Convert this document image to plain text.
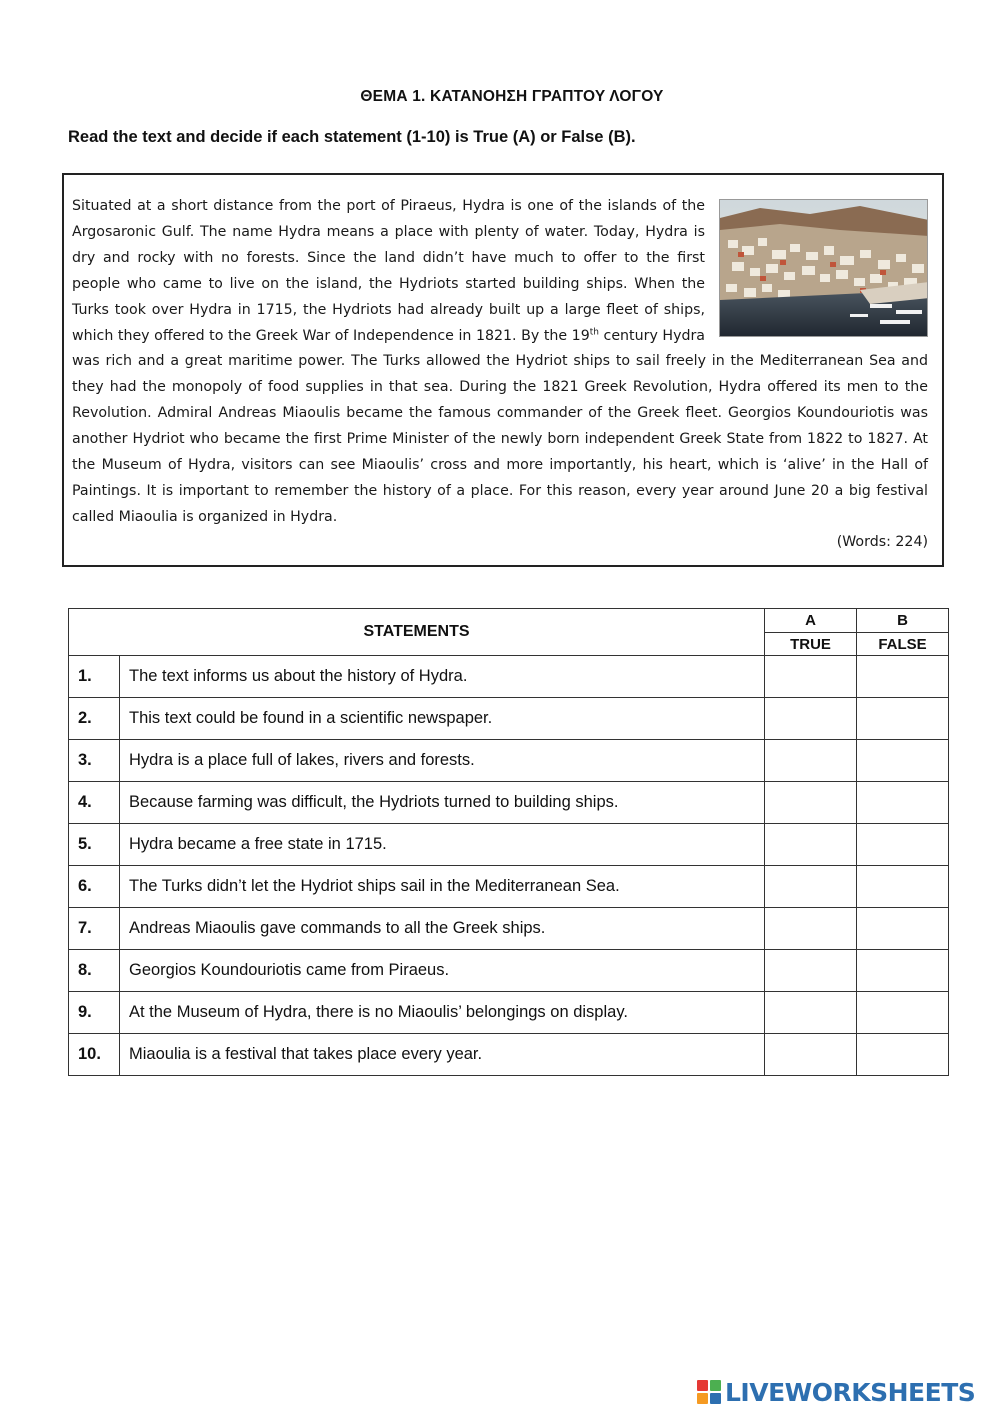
ΘΕΜΑ 1. ΚΑΤΑΝΟΗΣΗ ΓΡΑΠΤΟΥ ΛΟΓΟΥ
Read the text and decide if each statement (1-10) is True (A) or False (B).

Situated at a short distance from the port of Piraeus, Hydra is one of the islands of the Argosaronic Gulf. The name Hydra means a place with plenty of water. Today, Hydra is dry and rocky with no forests. Since the land didn’t have much to offer to the first people who came to live on the island, the Hydriots started building ships. When the Turks took over Hydra in 1715, the Hydriots had already built up a large fleet of ships, which they offered to the Greek War of Independence in 1821. By the 19th century Hydra was rich and a great maritime power. The Turks allowed the Hydriot ships to sail freely in the Mediterranean Sea and they had the monopoly of food supplies in that sea. During the 1821 Greek Revolution, Hydra offered its men to the Revolution. Admiral Andreas Miaoulis became the famous commander of the Greek fleet. Georgios Koundouriotis was another Hydriot who became the first Prime Minister of the newly born independent Greek State from 1822 to 1827. At the Museum of Hydra, visitors can see Miaoulis’ cross and more importantly, his heart, which is ‘alive’ in the Hall of Paintings. It is important to remember the history of a place. For this reason, every year around June 20 a big festival called Miaoulia is organized in Hydra.

(Words: 224)
STATEMENTS		A	B
		TRUE	FALSE
1.	The text informs us about the history of Hydra.		
2.	This text could be found in a scientific newspaper.		
3.	Hydra is a place full of lakes, rivers and forests.		
4.	Because farming was difficult, the Hydriots turned to building ships.		
5.	Hydra became a free state in 1715.		
6.	The Turks didn’t let the Hydriot ships sail in the Mediterranean Sea.		
7.	Andreas Miaoulis gave commands to all the Greek ships.		
8.	Georgios Koundouriotis came from Piraeus.		
9.	At the Museum of Hydra, there is no Miaoulis’ belongings on display.		
10.	Miaoulia is a festival that takes place every year.		
LIVEWORKSHEETS
